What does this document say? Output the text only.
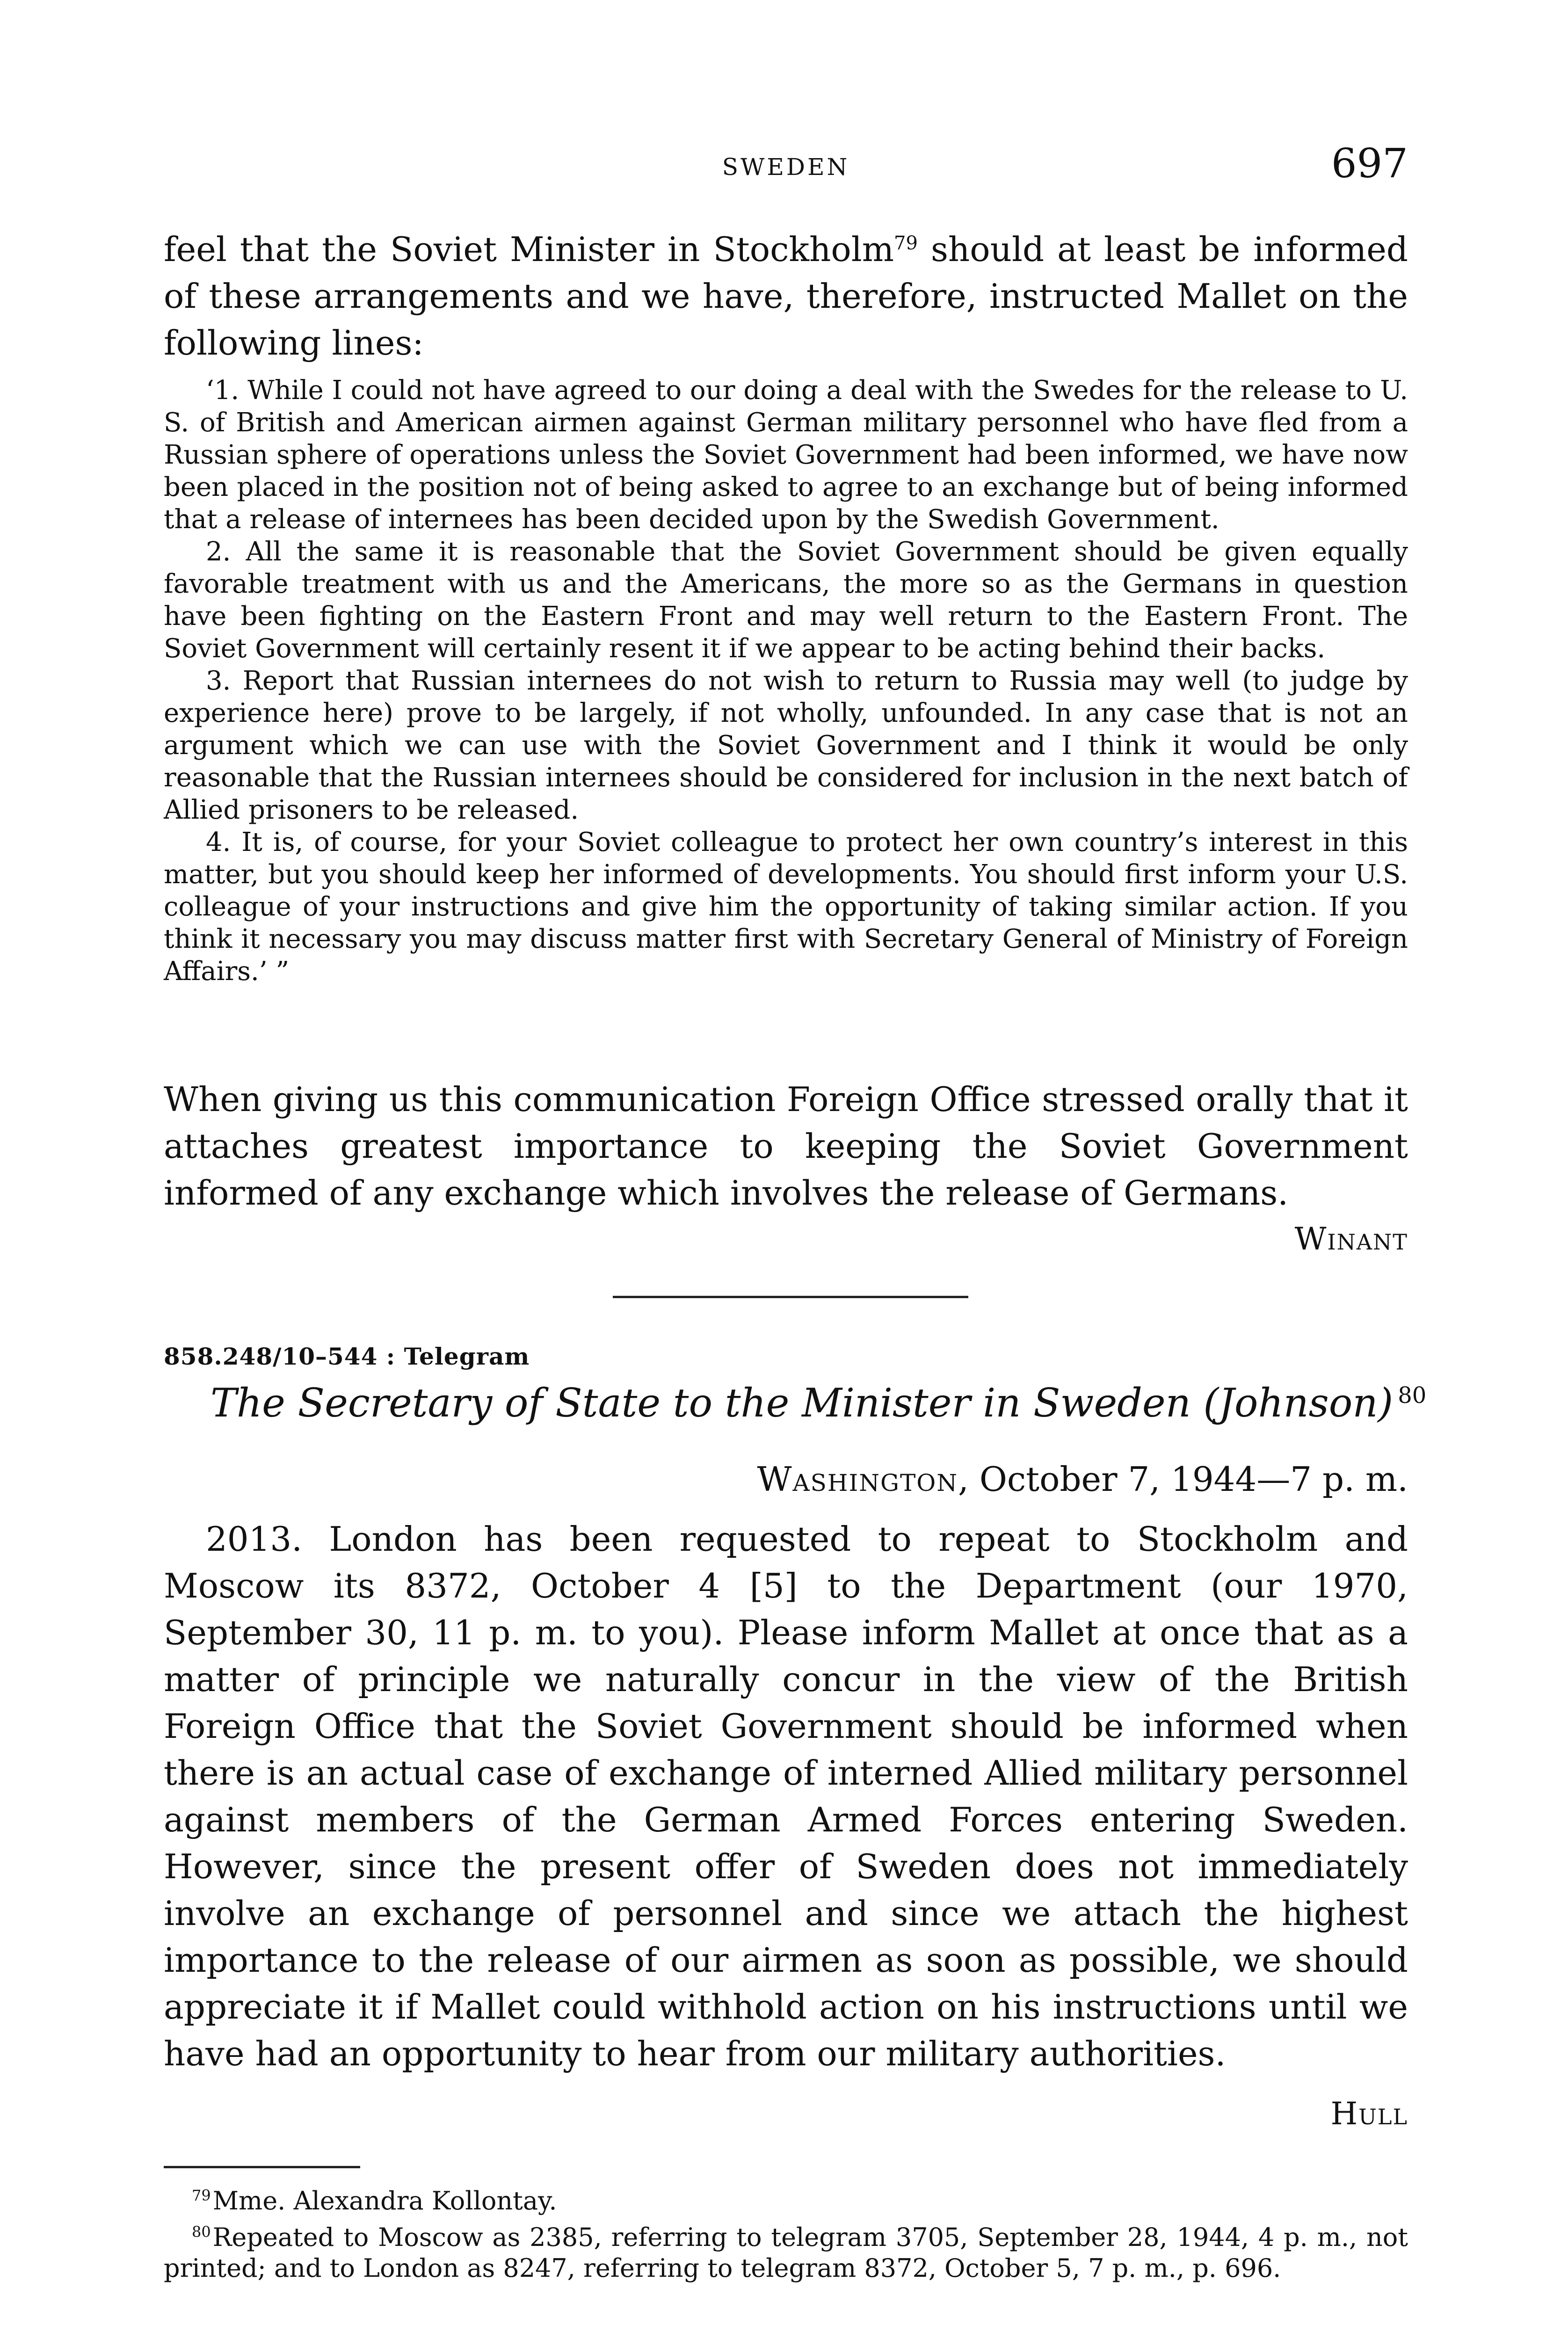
SWEDEN	697
feel that the Soviet Minister in Stockholm$^{79}$ should at least be informed of these arrangements and we have, therefore, instructed Mallet on the following lines:

‘1. While I could not have agreed to our doing a deal with the Swedes for the release to U. S. of British and American airmen against German military personnel who have fled from a Russian sphere of operations unless the Soviet Government had been informed, we have now been placed in the position not of being asked to agree to an exchange but of being informed that a release of internees has been decided upon by the Swedish Government.

2. All the same it is reasonable that the Soviet Government should be given equally favorable treatment with us and the Americans, the more so as the Germans in question have been fighting on the Eastern Front and may well return to the Eastern Front. The Soviet Government will certainly resent it if we appear to be acting behind their backs.

3. Report that Russian internees do not wish to return to Russia may well (to judge by experience here) prove to be largely, if not wholly, unfounded. In any case that is not an argument which we can use with the Soviet Government and I think it would be only reasonable that the Russian internees should be considered for inclusion in the next batch of Allied prisoners to be released.

4. It is, of course, for your Soviet colleague to protect her own country’s interest in this matter, but you should keep her informed of developments. You should first inform your U.S. colleague of your instructions and give him the opportunity of taking similar action. If you think it necessary you may discuss matter first with Secretary General of Ministry of Foreign Affairs.’ ”

When giving us this communication Foreign Office stressed orally that it attaches greatest importance to keeping the Soviet Government informed of any exchange which involves the release of Germans.
Winant
858.248/10–544 : Telegram
The Secretary of State to the Minister in Sweden (Johnson) $^{80}$
Washington, October 7, 1944—7 p. m.
2013. London has been requested to repeat to Stockholm and Moscow its 8372, October 4 [5] to the Department (our 1970, September 30, 11 p. m. to you). Please inform Mallet at once that as a matter of principle we naturally concur in the view of the British Foreign Office that the Soviet Government should be informed when there is an actual case of exchange of interned Allied military personnel against members of the German Armed Forces entering Sweden. However, since the present offer of Sweden does not immediately involve an exchange of personnel and since we attach the highest importance to the release of our airmen as soon as possible, we should appreciate it if Mallet could withhold action on his instructions until we have had an opportunity to hear from our military authorities.
Hull

$^{79}$Mme. Alexandra Kollontay.

$^{80}$Repeated to Moscow as 2385, referring to telegram 3705, September 28, 1944, 4 p. m., not printed; and to London as 8247, referring to telegram 8372, October 5, 7 p. m., p. 696.
